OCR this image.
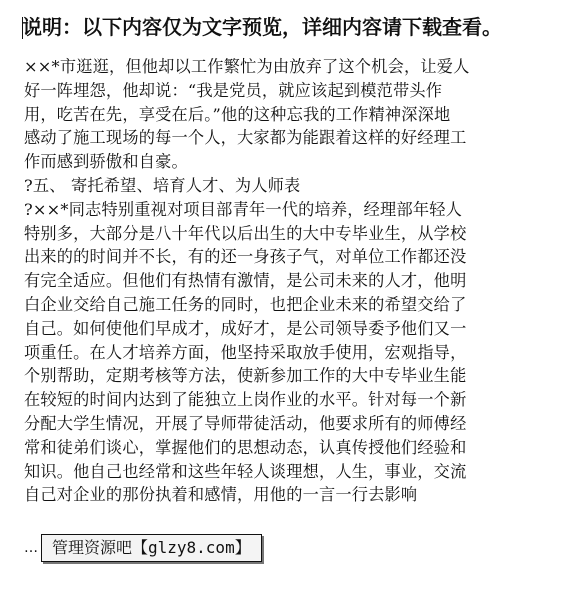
说明：以下内容仅为文字预览，详细内容请下载查看。

××*市逛逛，但他却以工作繁忙为由放弃了这个机会，让爱人

好一阵埋怨，他却说：“我是党员，就应该起到模范带头作

用，吃苦在先，享受在后。”他的这种忘我的工作精神深深地

感动了施工现场的每一个人，大家都为能跟着这样的好经理工

作而感到骄傲和自豪。

?五、 寄托希望、培育人才、为人师表

?××*同志特别重视对项目部青年一代的培养，经理部年轻人

特别多，大部分是八十年代以后出生的大中专毕业生，从学校

出来的的时间并不长，有的还一身孩子气，对单位工作都还没

有完全适应。但他们有热情有激情，是公司未来的人才，他明

白企业交给自己施工任务的同时，也把企业未来的希望交给了

自己。如何使他们早成才，成好才，是公司领导委予他们又一

项重任。在人才培养方面，他坚持采取放手使用，宏观指导，

个别帮助，定期考核等方法，使新参加工作的大中专毕业生能

在较短的时间内达到了能独立上岗作业的水平。针对每一个新

分配大学生情况，开展了导师带徒活动，他要求所有的师傅经

常和徒弟们谈心，掌握他们的思想动态，认真传授他们经验和

知识。他自己也经常和这些年轻人谈理想，人生，事业，交流

自己对企业的那份执着和感情，用他的一言一行去影响

… 管理资源吧【glzy8.com】
